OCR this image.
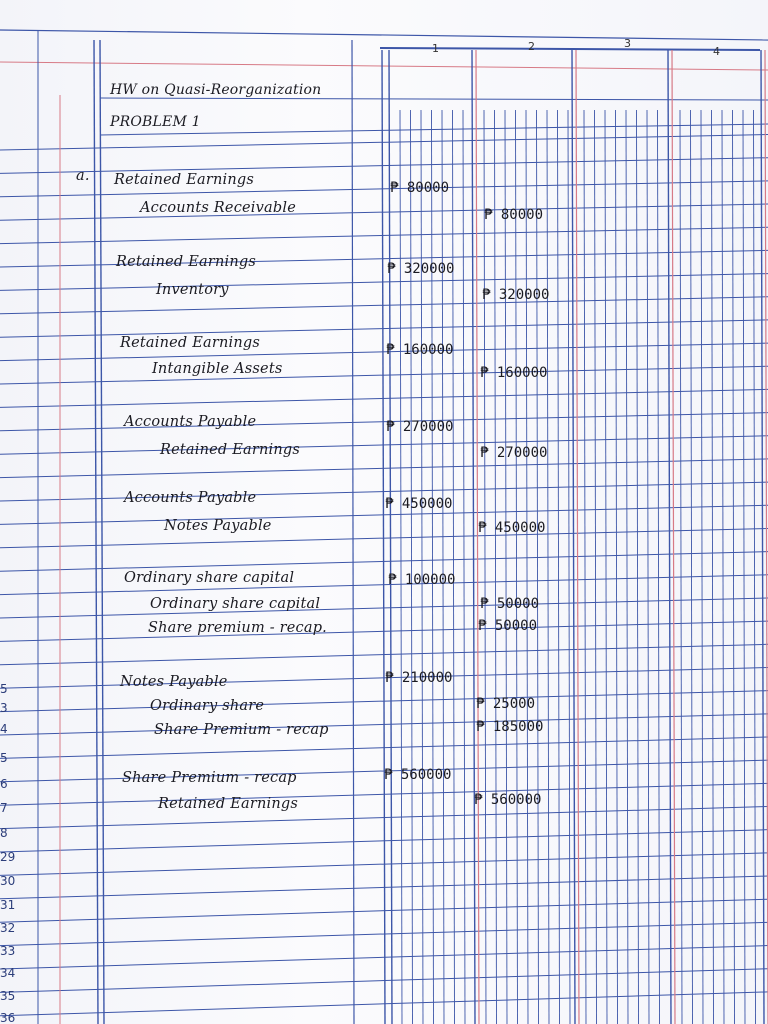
HW on Quasi-Reorganization
PROBLEM 1
a.
1	2	3
4
5
3
4
5
6
7
8
29
30
31
32
33
34
35
36
Retained Earnings	₱ 80000
Accounts Receivable	₱ 80000
Retained Earnings	₱ 320000
Inventory	₱ 320000
Retained Earnings	₱ 160000
Intangible Assets	₱ 160000
Accounts Payable	₱ 270000
Retained Earnings	₱ 270000
Accounts Payable	₱ 450000
Notes Payable	₱ 450000
Ordinary share capital	₱ 100000
Ordinary share capital	₱ 50000
Share premium - recap.	₱ 50000
Notes Payable	₱ 210000
Ordinary share	₱ 25000
Share Premium - recap	₱ 185000
Share Premium - recap	₱ 560000
Retained Earnings	₱ 560000
